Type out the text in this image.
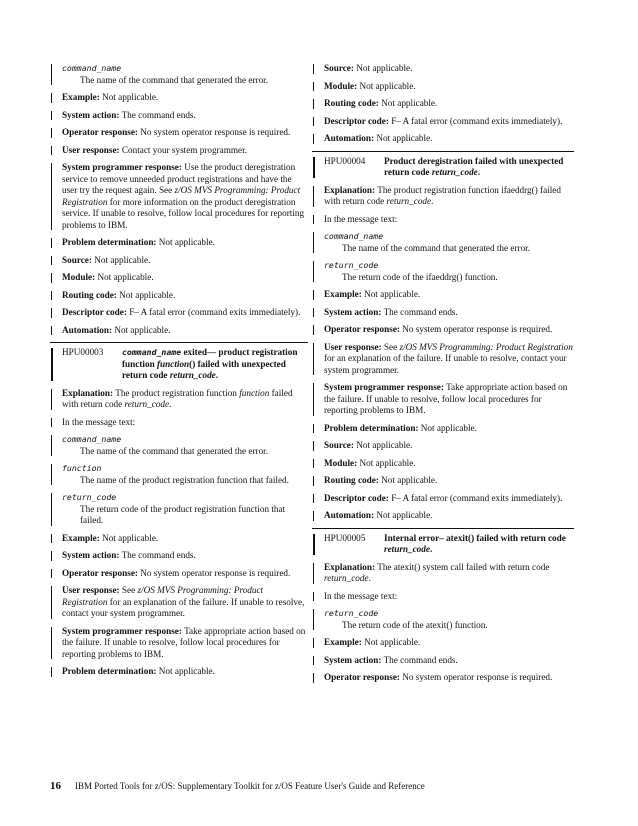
command_name
The name of the command that generated the error.
Example: Not applicable.
System action: The command ends.
Operator response: No system operator response is required.
User response: Contact your system programmer.
System programmer response: Use the product deregistration service to remove unneeded product registrations and have the user try the request again. See z/OS MVS Programming: Product Registration for more information on the product deregistration service. If unable to resolve, follow local procedures for reporting problems to IBM.
Problem determination: Not applicable.
Source: Not applicable.
Module: Not applicable.
Routing code: Not applicable.
Descriptor code: F– A fatal error (command exits immediately).
Automation: Not applicable.
HPU00003	command_name exited— product registration function function() failed with unexpected return code return_code.
Explanation: The product registration function function failed with return code return_code.
In the message text:
command_name
The name of the command that generated the error.
function
The name of the product registration function that failed.
return_code
The return code of the product registration function that failed.
Example: Not applicable.
System action: The command ends.
Operator response: No system operator response is required.
User response: See z/OS MVS Programming: Product Registration for an explanation of the failure. If unable to resolve, contact your system programmer.
System programmer response: Take appropriate action based on the failure. If unable to resolve, follow local procedures for reporting problems to IBM.
Problem determination: Not applicable.
Source: Not applicable.
Module: Not applicable.
Routing code: Not applicable.
Descriptor code: F– A fatal error (command exits immediately).
Automation: Not applicable.
HPU00004	Product deregistration failed with unexpected return code return_code.
Explanation: The product registration function ifaeddrg() failed with return code return_code.
In the message text:
command_name
The name of the command that generated the error.
return_code
The return code of the ifaeddrg() function.
Example: Not applicable.
System action: The command ends.
Operator response: No system operator response is required.
User response: See z/OS MVS Programming: Product Registration for an explanation of the failure. If unable to resolve, contact your system programmer.
System programmer response: Take appropriate action based on the failure. If unable to resolve, follow local procedures for reporting problems to IBM.
Problem determination: Not applicable.
Source: Not applicable.
Module: Not applicable.
Routing code: Not applicable.
Descriptor code: F– A fatal error (command exits immediately).
Automation: Not applicable.
HPU00005	Internal error– atexit() failed with return code return_code.
Explanation: The atexit() system call failed with return code return_code.
In the message text:
return_code
The return code of the atexit() function.
Example: Not applicable.
System action: The command ends.
Operator response: No system operator response is required.
16 IBM Ported Tools for z/OS: Supplementary Toolkit for z/OS Feature User's Guide and Reference
